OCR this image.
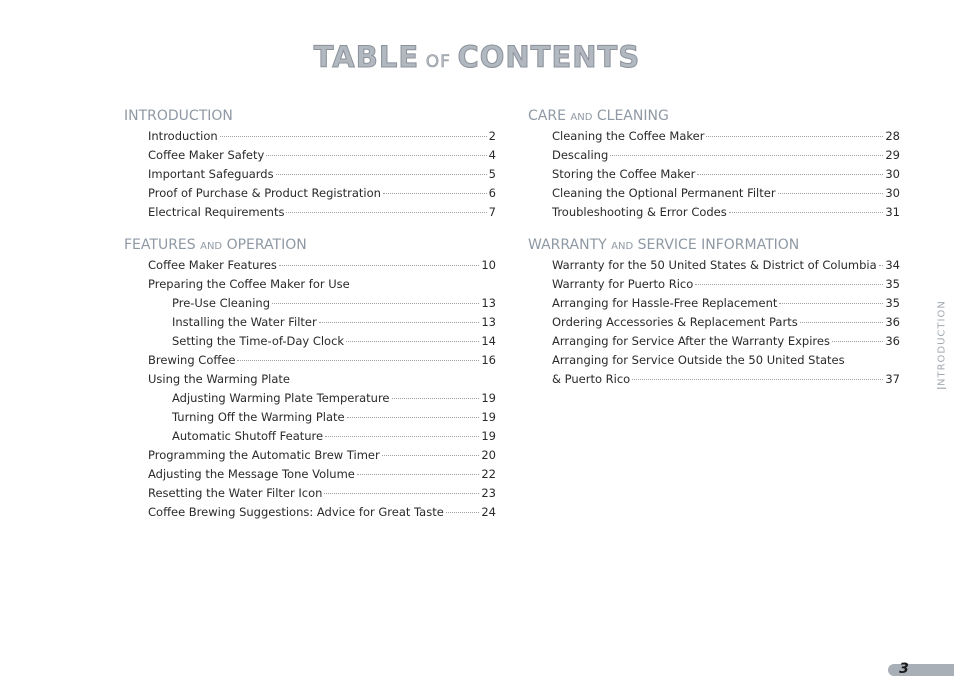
TABLE OF CONTENTS
INTRODUCTION
Introduction	2
Coffee Maker Safety	4
Important Safeguards	5
Proof of Purchase & Product Registration	6
Electrical Requirements	7
FEATURES AND OPERATION
Coffee Maker Features	10
Preparing the Coffee Maker for Use
Pre-Use Cleaning	13
Installing the Water Filter	13
Setting the Time-of-Day Clock	14
Brewing Coffee	16
Using the Warming Plate
Adjusting Warming Plate Temperature	19
Turning Off the Warming Plate	19
Automatic Shutoff Feature	19
Programming the Automatic Brew Timer	20
Adjusting the Message Tone Volume	22
Resetting the Water Filter Icon	23
Coffee Brewing Suggestions: Advice for Great Taste	24
CARE AND CLEANING
Cleaning the Coffee Maker	28
Descaling	29
Storing the Coffee Maker	30
Cleaning the Optional Permanent Filter	30
Troubleshooting & Error Codes	31
WARRANTY AND SERVICE INFORMATION
Warranty for the 50 United States & District of Columbia 34
Warranty for Puerto Rico	35
Arranging for Hassle-Free Replacement	35
Ordering Accessories & Replacement Parts	36
Arranging for Service After the Warranty Expires	36
Arranging for Service Outside the 50 United States
& Puerto Rico	37
I
NTRODUCTION
3
